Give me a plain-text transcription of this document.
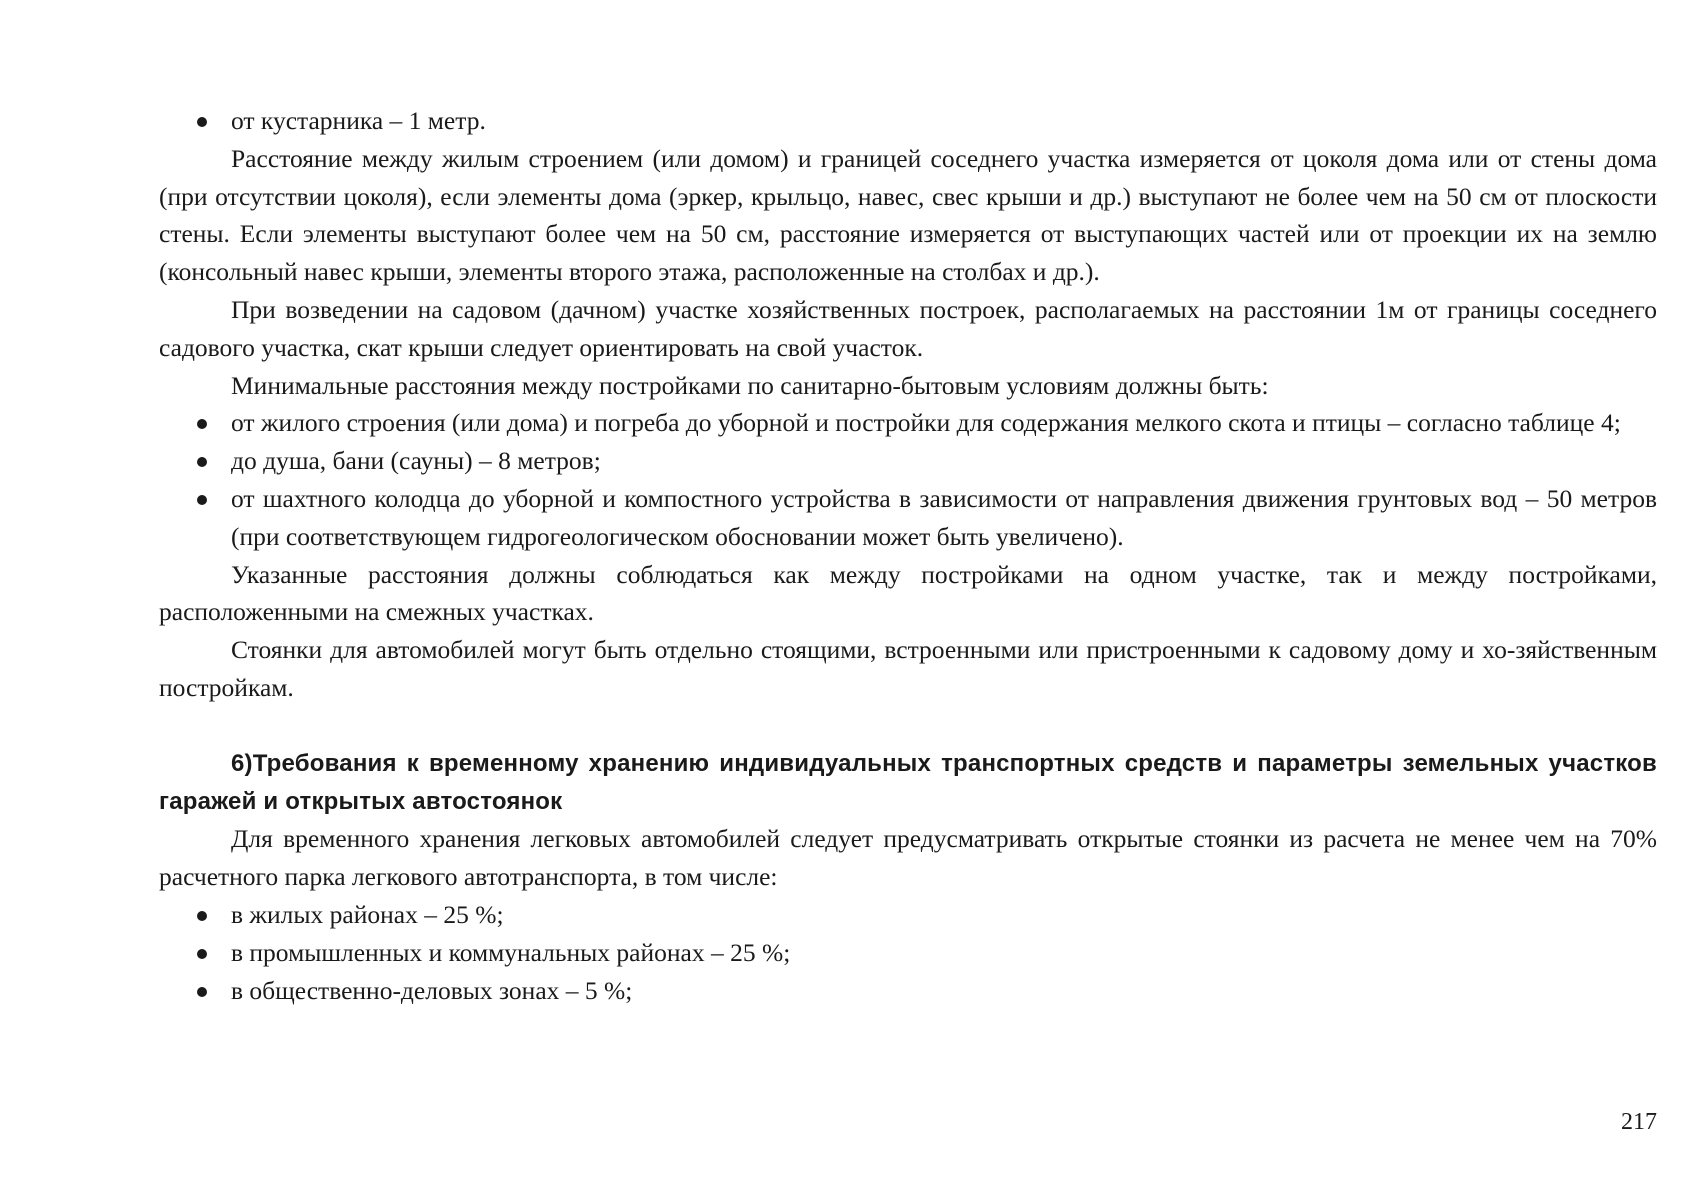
от кустарника – 1 метр.

Расстояние между жилым строением (или домом) и границей соседнего участка измеряется от цоколя дома или от стены дома (при отсутствии цоколя), если элементы дома (эркер, крыльцо, навес, свес крыши и др.) выступают не более чем на 50 см от плоскости стены. Если элементы выступают более чем на 50 см, расстояние измеряется от выступающих частей или от проекции их на землю (консольный навес крыши, элементы второго этажа, расположенные на столбах и др.).

При возведении на садовом (дачном) участке хозяйственных построек, располагаемых на расстоянии 1м от границы соседнего садового участка, скат крыши следует ориентировать на свой участок.

Минимальные расстояния между постройками по санитарно-бытовым условиям должны быть:

от жилого строения (или дома) и погреба до уборной и постройки для содержания мелкого скота и птицы – согласно таблице 4;
до душа, бани (сауны) – 8 метров;
от шахтного колодца до уборной и компостного устройства в зависимости от направления движения грунтовых вод – 50 метров (при соответствующем гидрогеологическом обосновании может быть увеличено).

Указанные расстояния должны соблюдаться как между постройками на одном участке, так и между постройками, расположенными на смежных участках.

Стоянки для автомобилей могут быть отдельно стоящими, встроенными или пристроенными к садовому дому и хо-зяйственным постройкам.

6)Требования к временному хранению индивидуальных транспортных средств и параметры земельных участков гаражей и открытых автостоянок

Для временного хранения легковых автомобилей следует предусматривать открытые стоянки из расчета не менее чем на 70% расчетного парка легкового автотранспорта, в том числе:

в жилых районах – 25 %;
в промышленных и коммунальных районах – 25 %;
в общественно-деловых зонах – 5 %;
217
